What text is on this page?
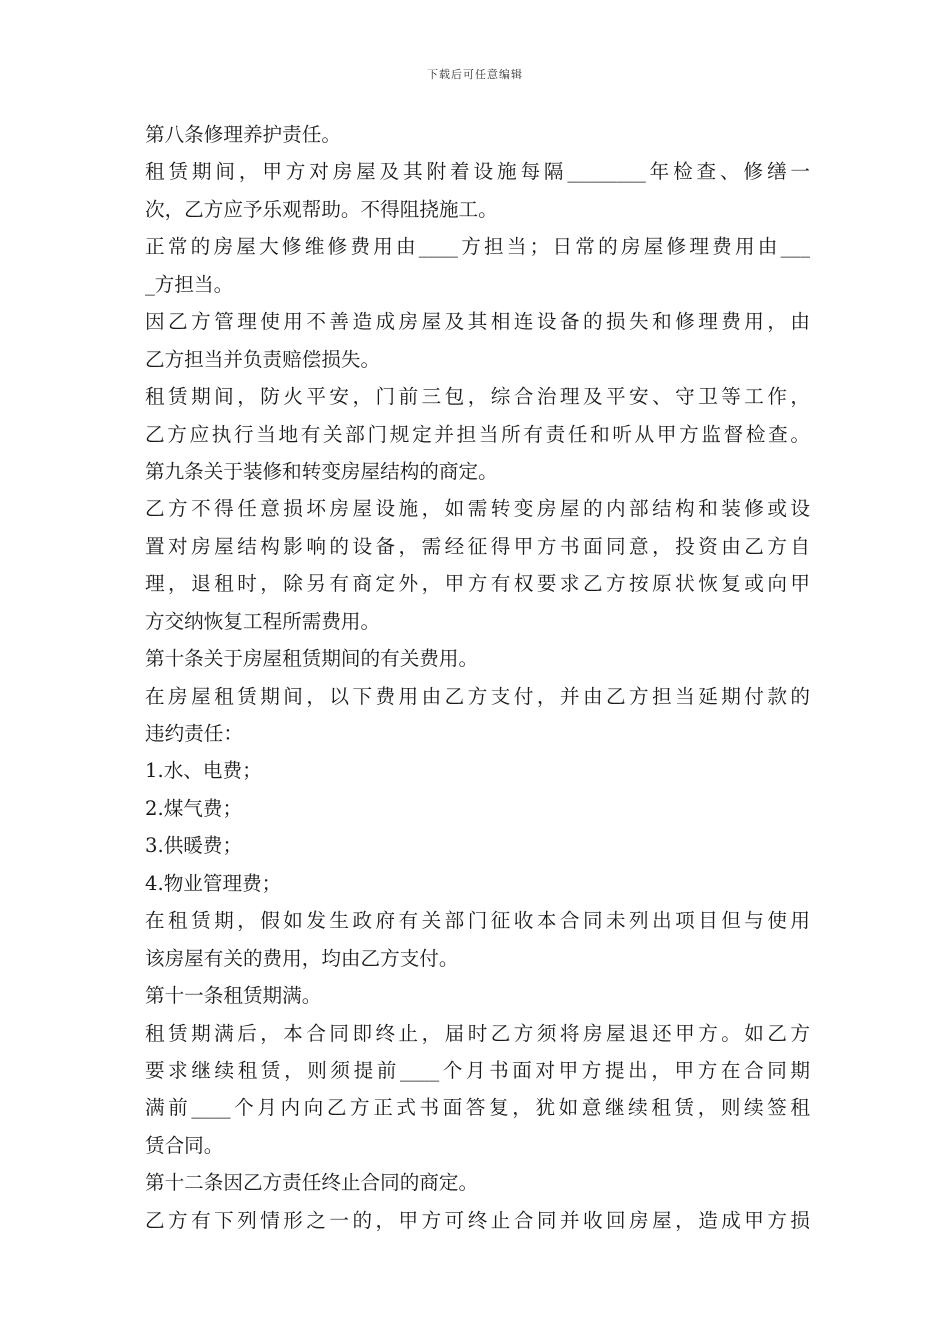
下载后可任意编辑
第八条修理养护责任。
租赁期间，甲方对房屋及其附着设施每隔________年检查、修缮一
次，乙方应予乐观帮助。不得阻挠施工。
正常的房屋大修维修费用由____方担当；日常的房屋修理费用由___
_方担当。
因乙方管理使用不善造成房屋及其相连设备的损失和修理费用，由
乙方担当并负责赔偿损失。
租赁期间，防火平安，门前三包，综合治理及平安、守卫等工作，
乙方应执行当地有关部门规定并担当所有责任和听从甲方监督检查。
第九条关于装修和转变房屋结构的商定。
乙方不得任意损坏房屋设施，如需转变房屋的内部结构和装修或设
置对房屋结构影响的设备，需经征得甲方书面同意，投资由乙方自
理，退租时，除另有商定外，甲方有权要求乙方按原状恢复或向甲
方交纳恢复工程所需费用。
第十条关于房屋租赁期间的有关费用。
在房屋租赁期间，以下费用由乙方支付，并由乙方担当延期付款的
违约责任：
1.水、电费；
2.煤气费；
3.供暖费；
4.物业管理费；
在租赁期，假如发生政府有关部门征收本合同未列出项目但与使用
该房屋有关的费用，均由乙方支付。
第十一条租赁期满。
租赁期满后，本合同即终止，届时乙方须将房屋退还甲方。如乙方
要求继续租赁，则须提前____个月书面对甲方提出，甲方在合同期
满前____个月内向乙方正式书面答复，犹如意继续租赁，则续签租
赁合同。
第十二条因乙方责任终止合同的商定。
乙方有下列情形之一的，甲方可终止合同并收回房屋，造成甲方损
